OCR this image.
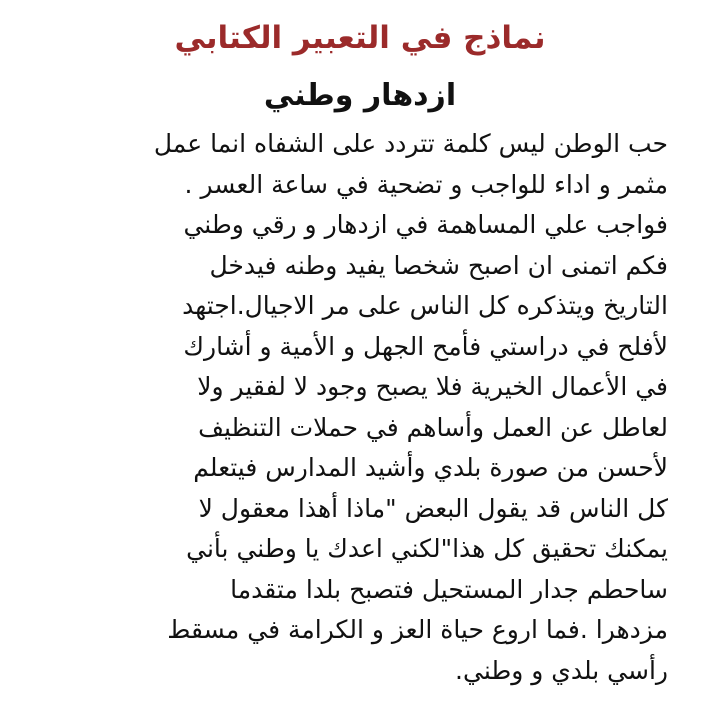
نماذج في التعبير الكتابي
ازدهار وطني
حب الوطن ليس كلمة تتردد على الشفاه انما عمل
مثمر و اداء للواجب و تضحية في ساعة العسر .
فواجب علي المساهمة في ازدهار و رقي وطني
فكم اتمنى ان اصبح شخصا يفيد وطنه فيدخل
التاريخ ويتذكره كل الناس على مر الاجيال.اجتهد
لأفلح في دراستي فأمح الجهل و الأمية و أشارك
في الأعمال الخيرية فلا يصبح وجود لا لفقير ولا
لعاطل عن العمل وأساهم في حملات التنظيف
لأحسن من صورة بلدي وأشيد المدارس فيتعلم
كل الناس قد يقول البعض "ماذا أهذا معقول لا
يمكنك تحقيق كل هذا"لكني اعدك يا وطني بأني
ساحطم جدار المستحيل فتصبح بلدا متقدما
مزدهرا .فما اروع حياة العز و الكرامة في مسقط
رأسي بلدي و وطني.
